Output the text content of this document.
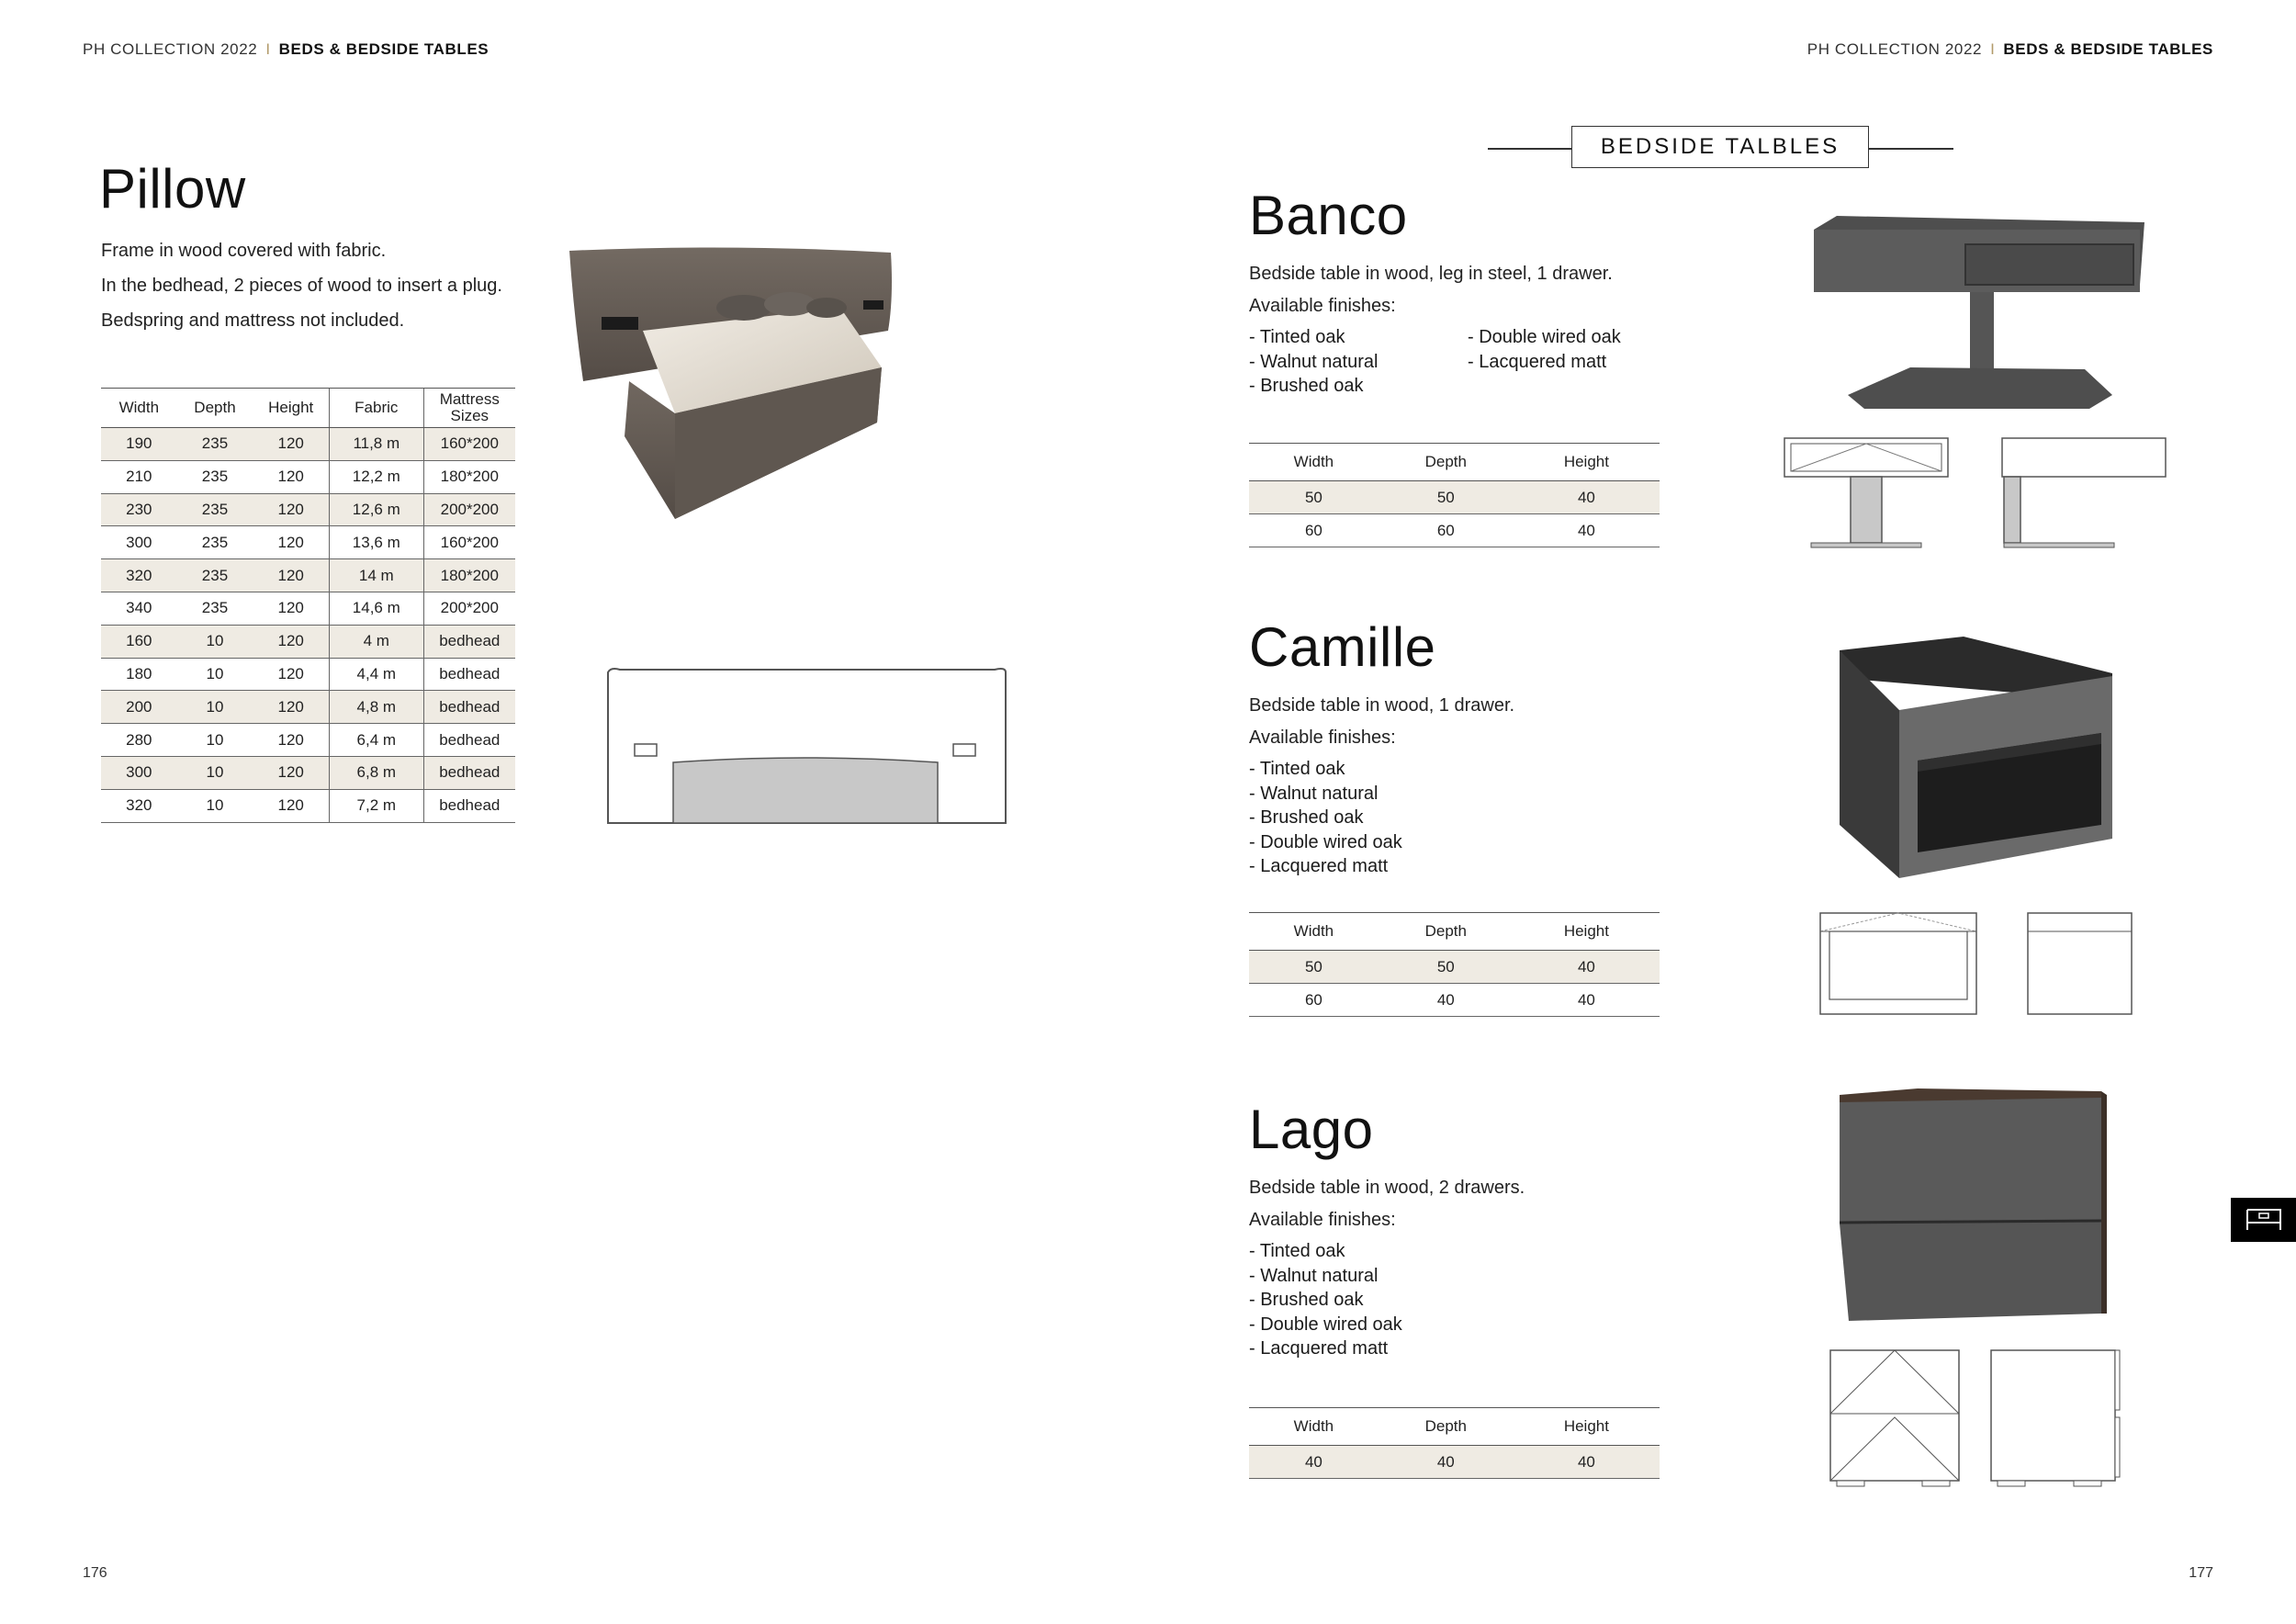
PH COLLECTION 2022 I BEDS & BEDSIDE TABLES	PH COLLECTION 2022 I BEDS & BEDSIDE TABLES
Pillow

Frame in wood covered with fabric.

In the bedhead, 2 pieces of wood to insert a plug.

Bedspring and mattress not included.

Width	Depth	Height	Fabric	Mattress Sizes
190	235	120	11,8 m	160*200
210	235	120	12,2 m	180*200
230	235	120	12,6 m	200*200
300	235	120	13,6 m	160*200
320	235	120	14 m	180*200
340	235	120	14,6 m	200*200
160	10	120	4 m	bedhead
180	10	120	4,4 m	bedhead
200	10	120	4,8 m	bedhead
280	10	120	6,4 m	bedhead
300	10	120	6,8 m	bedhead
320	10	120	7,2 m	bedhead
BEDSIDE TALBLES
Banco
Bedside table in wood, leg in steel, 1 drawer.
Available finishes:
- Tinted oak
- Walnut natural
- Brushed oak
- Double wired oak
- Lacquered matt
Width	Depth	Height
50	50	40
60	60	40
Camille
Bedside table in wood, 1 drawer.
Available finishes:
- Tinted oak
- Walnut natural
- Brushed oak
- Double wired oak
- Lacquered matt
Width	Depth	Height
50	50	40
60	40	40
Lago
Bedside table in wood, 2 drawers.
Available finishes:
- Tinted oak
- Walnut natural
- Brushed oak
- Double wired oak
- Lacquered matt
Width	Depth	Height
40	40	40
176	177
